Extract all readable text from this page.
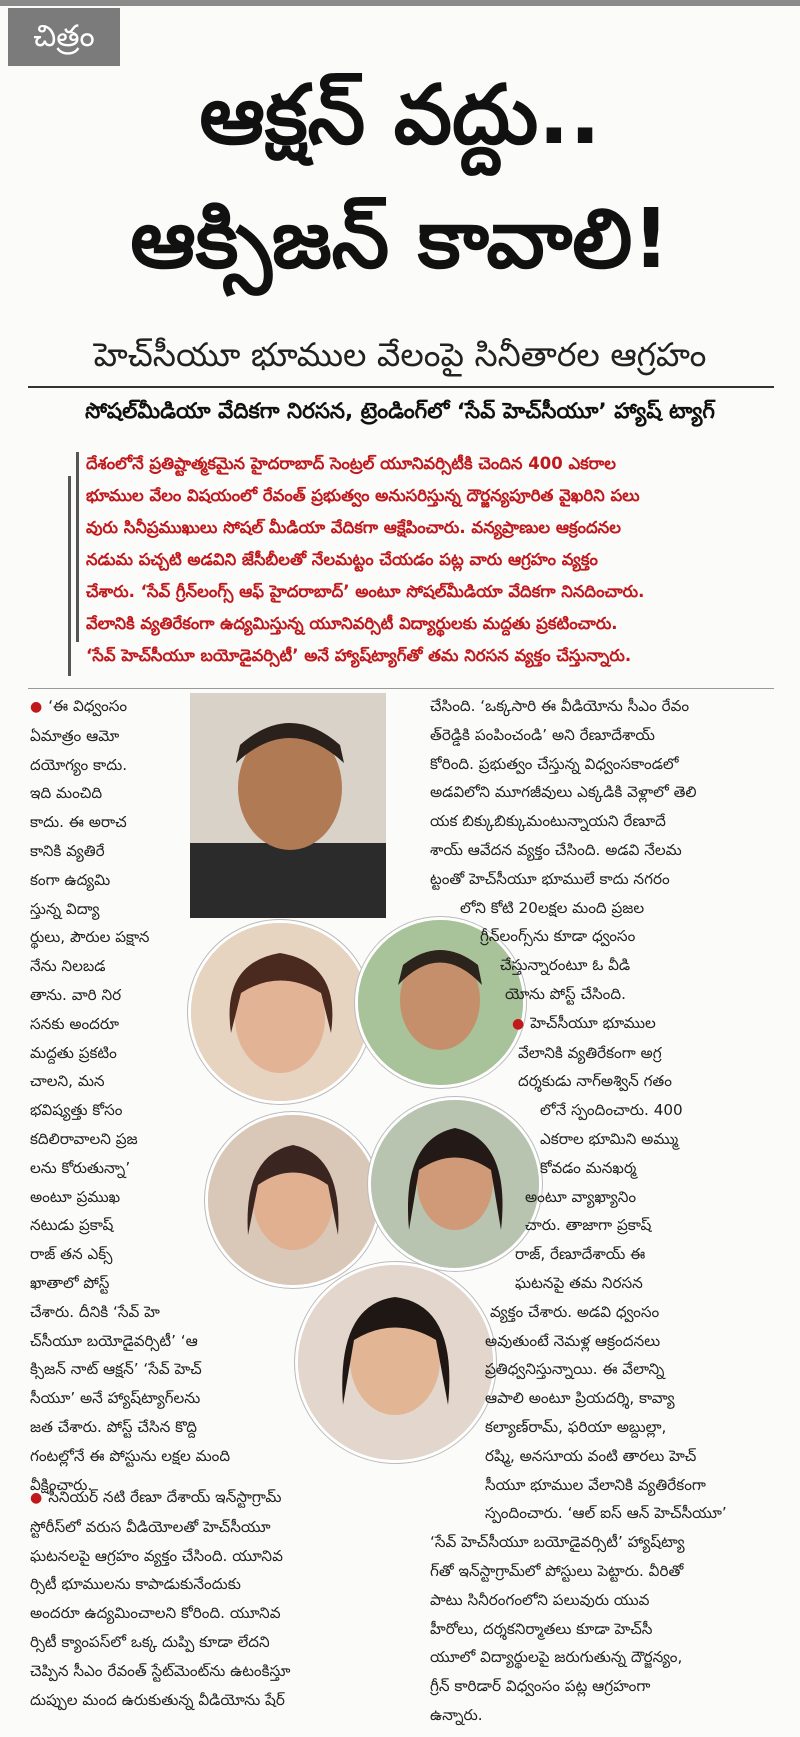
చిత్రం
ఆక్షన్ వద్దు..
ఆక్సిజన్ కావాలి!
హెచ్‌సీయూ భూముల వేలంపై సినీతారల ఆగ్రహం
సోషల్‌మీడియా వేదికగా నిరసన, ట్రెండింగ్‌లో ‘సేవ్ హెచ్‌సీయూ’ హ్యాష్ ట్యాగ్

దేశంలోనే ప్రతిష్టాత్మకమైన హైదరాబాద్ సెంట్రల్ యూనివర్సిటీకి చెందిన 400 ఎకరాల

భూముల వేలం విషయంలో రేవంత్ ప్రభుత్వం అనుసరిస్తున్న దౌర్జన్యపూరిత వైఖరిని పలు

వురు సినీప్రముఖులు సోషల్ మీడియా వేదికగా ఆక్షేపించారు. వన్యప్రాణుల ఆక్రందనల

నడుమ పచ్చటి అడవిని జేసీబీలతో నేలమట్టం చేయడం పట్ల వారు ఆగ్రహం వ్యక్తం

చేశారు. ‘సేవ్ గ్రీన్‌లంగ్స్ ఆఫ్ హైదరాబాద్’ అంటూ సోషల్‌మీడియా వేదికగా నినదించారు.

వేలానికి వ్యతిరేకంగా ఉద్యమిస్తున్న యూనివర్సిటీ విద్యార్థులకు మద్దతు ప్రకటించారు.

‘సేవ్ హెచ్‌సీయూ బయోడైవర్సిటీ’ అనే హ్యాష్‌ట్యాగ్‌తో తమ నిరసన వ్యక్తం చేస్తున్నారు.

● ‘ఈ విధ్వంసం

ఏమాత్రం ఆమో

దయోగ్యం కాదు.

ఇది మంచిది

కాదు. ఈ అరాచ

కానికి వ్యతిరే

కంగా ఉద్యమి

స్తున్న విద్యా

ర్థులు, పౌరుల పక్షాన

నేను నిలబడ

తాను. వారి నిర

సనకు అందరూ

మద్దతు ప్రకటిం

చాలని, మన

భవిష్యత్తు కోసం

కదిలిరావాలని ప్రజ

లను కోరుతున్నా’

అంటూ ప్రముఖ

నటుడు ప్రకాష్

రాజ్ తన ఎక్స్

ఖాతాలో పోస్ట్

చేశారు. దీనికి ‘సేవ్ హె

చ్‌సీయూ బయోడైవర్సిటీ’ ‘ఆ

క్సిజన్ నాట్ ఆక్షన్’ ‘సేవ్ హెచ్

సీయూ’ అనే హ్యాష్‌ట్యాగ్‌లను

జత చేశారు. పోస్ట్ చేసిన కొద్ది

గంటల్లోనే ఈ పోస్టును లక్షల మంది

వీక్షించారు.

● సీనియర్ నటి రేణూ దేశాయ్ ఇన్‌స్టాగ్రామ్

స్టోరీస్‌లో వరుస వీడియోలతో హెచ్‌సీయూ

ఘటనలపై ఆగ్రహం వ్యక్తం చేసింది. యూనివ

ర్సిటీ భూములను కాపాడుకునేందుకు

అందరూ ఉద్యమించాలని కోరింది. యూనివ

ర్సిటీ క్యాంపస్‌లో ఒక్క దుప్పి కూడా లేదని

చెప్పిన సీఎం రేవంత్ స్టేట్‌మెంట్‌ను ఉటంకిస్తూ

దుప్పుల మంద ఉరుకుతున్న వీడియోను షేర్

చేసింది. ‘ఒక్కసారి ఈ వీడియోను సీఎం రేవం

త్‌రెడ్డికి పంపించండి’ అని రేణూదేశాయ్

కోరింది. ప్రభుత్వం చేస్తున్న విధ్వంసకాండలో

అడవిలోని మూగజీవులు ఎక్కడికి వెళ్లాలో తెలి

యక బిక్కుబిక్కుమంటున్నాయని రేణూదే

శాయ్ ఆవేదన వ్యక్తం చేసింది. అడవి నేలమ

ట్టంతో హెచ్‌సీయూ భూములే కాదు నగరం

లోని కోటి 20లక్షల మంది ప్రజల

గ్రీన్‌లంగ్స్‌ను కూడా ధ్వంసం

చేస్తున్నారంటూ ఓ వీడి

యోను పోస్ట్ చేసింది.

● హెచ్‌సీయూ భూముల

వేలానికి వ్యతిరేకంగా అగ్ర

దర్శకుడు నాగ్‌అశ్విన్ గతం

లోనే స్పందించారు. 400

ఎకరాల భూమిని అమ్ము

కోవడం మనఖర్మ

అంటూ వ్యాఖ్యానిం

చారు. తాజాగా ప్రకాష్

రాజ్, రేణూదేశాయ్ ఈ

ఘటనపై తమ నిరసన

వ్యక్తం చేశారు. అడవి ధ్వంసం

అవుతుంటే నెమళ్ల ఆక్రందనలు

ప్రతిధ్వనిస్తున్నాయి. ఈ వేలాన్ని

ఆపాలి అంటూ ప్రియదర్శి, కావ్యా

కల్యాణ్‌రామ్, ఫరియా అబ్దుల్లా,

రష్మి, అనసూయ వంటి తారలు హెచ్

సీయూ భూముల వేలానికి వ్యతిరేకంగా

స్పందించారు. ‘ఆల్ ఐస్ ఆన్ హెచ్‌సీయూ’

‘సేవ్ హెచ్‌సీయూ బయోడైవర్సిటీ’ హ్యాష్‌ట్యా

గ్‌తో ఇన్‌స్టాగ్రామ్‌లో పోస్టులు పెట్టారు. వీరితో

పాటు సినీరంగంలోని పలువురు యువ

హీరోలు, దర్శకనిర్మాతలు కూడా హెచ్‌సీ

యూలో విద్యార్థులపై జరుగుతున్న దౌర్జన్యం,

గ్రీన్ కారిడార్ విధ్వంసం పట్ల ఆగ్రహంగా

ఉన్నారు.
